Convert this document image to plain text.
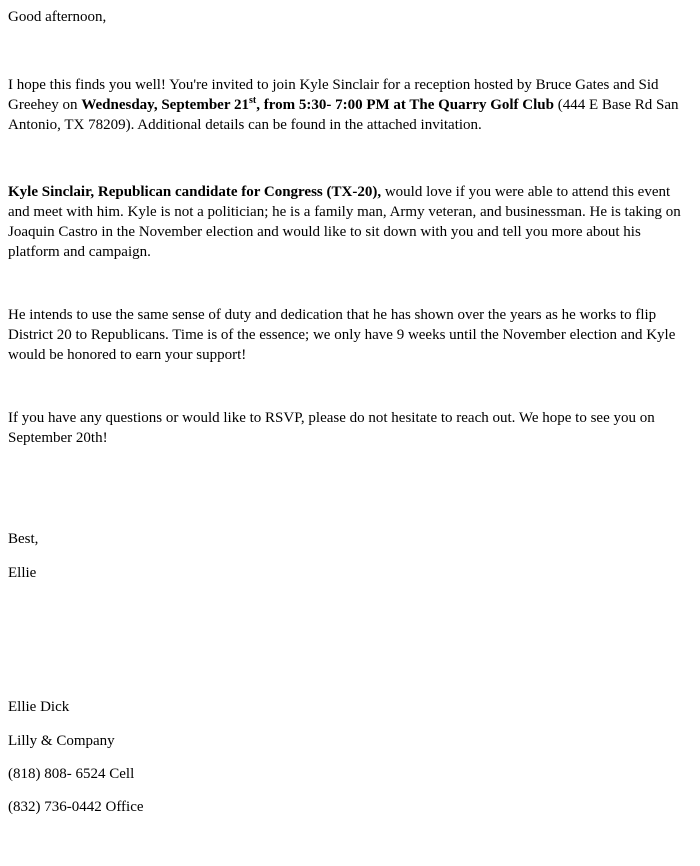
Good afternoon,

I hope this finds you well! You're invited to join Kyle Sinclair for a reception hosted by Bruce Gates and Sid Greehey on Wednesday, September 21st, from 5:30- 7:00 PM at The Quarry Golf Club (444 E Base Rd San Antonio, TX 78209). Additional details can be found in the attached invitation.

Kyle Sinclair, Republican candidate for Congress (TX-20), would love if you were able to attend this event and meet with him. Kyle is not a politician; he is a family man, Army veteran, and businessman. He is taking on Joaquin Castro in the November election and would like to sit down with you and tell you more about his platform and campaign.

He intends to use the same sense of duty and dedication that he has shown over the years as he works to flip District 20 to Republicans. Time is of the essence; we only have 9 weeks until the November election and Kyle would be honored to earn your support!

If you have any questions or would like to RSVP, please do not hesitate to reach out. We hope to see you on September 20th!

Best,

Ellie

Ellie Dick

Lilly & Company

(818) 808- 6524 Cell

(832) 736-0442 Office
